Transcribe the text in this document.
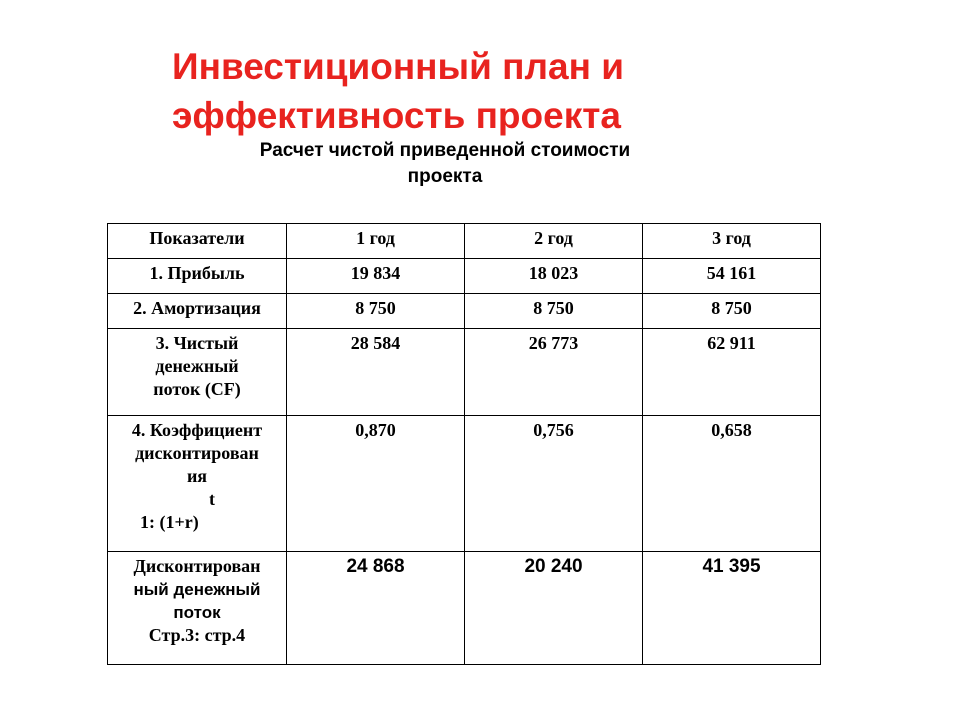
Инвестиционный план и
эффективность проекта
Расчет чистой приведенной стоимости
проекта
Показатели	1 год	2 год	3 год

1. Прибыль	19 834	18 023	54 161

2. Амортизация	8 750	8 750	8 750

3. Чистый
денежный
поток (CF)	28 584	26 773	62 911

4. Коэффициент
дисконтирован
ия
t
1: (1+r)	0,870	0,756	0,658

Дисконтирован
ный денежный
поток
Стр.3: стр.4	24 868	20 240	41 395
